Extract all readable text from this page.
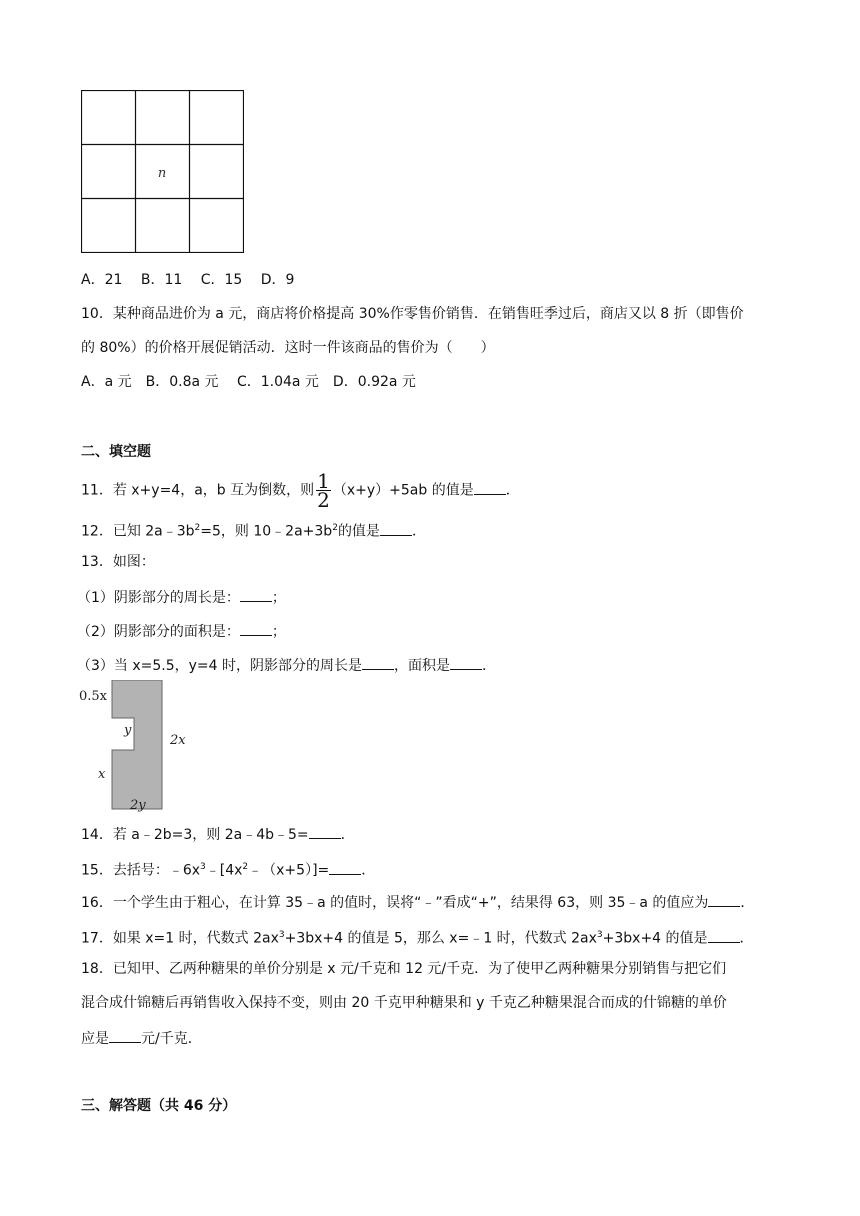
n
A．21　 B．11　 C．15　 D．9
10．某种商品进价为 a 元，商店将价格提高 30%作零售价销售．在销售旺季过后，商店又以 8 折（即售价
的 80%）的价格开展促销活动．这时一件该商品的售价为（　　）
A．a 元　B．0.8a 元　 C．1.04a 元　D．0.92a 元
二、填空题
11．若 x+y=4，a，b 互为倒数，则 $\frac{1}{2} (x+y)+5ab$ 的值是 ．
12．已知 $2a﹣3b^2=5$，则 $10﹣2a+3b^2$的值是 ．
13．如图：
（1）阴影部分的周长是： ；
（2）阴影部分的面积是： ；
（3）当 x=5.5，y=4 时，阴影部分的周长是 ，面积是 ．
0.5x
y
2x
x
2y
14．若 a﹣2b=3，则 2a﹣4b﹣5= ．
15．去括号：$﹣6x^3﹣[4x^2﹣(x+5)]=$ ．
16．一个学生由于粗心，在计算 35﹣a 的值时，误将“﹣”看成“+”，结果得 63，则 35﹣a 的值应为 ．
17．如果 x=1 时，代数式 $2ax^3+3bx+4$ 的值是 5，那么 x=﹣1 时，代数式 $2ax^3+3bx+4$ 的值是 ．
18．已知甲、乙两种糖果的单价分别是 x 元/千克和 12 元/千克．为了使甲乙两种糖果分别销售与把它们
混合成什锦糖后再销售收入保持不变，则由 20 千克甲种糖果和 y 千克乙种糖果混合而成的什锦糖的单价
应是 元/千克．
三、解答题（共 46 分）
